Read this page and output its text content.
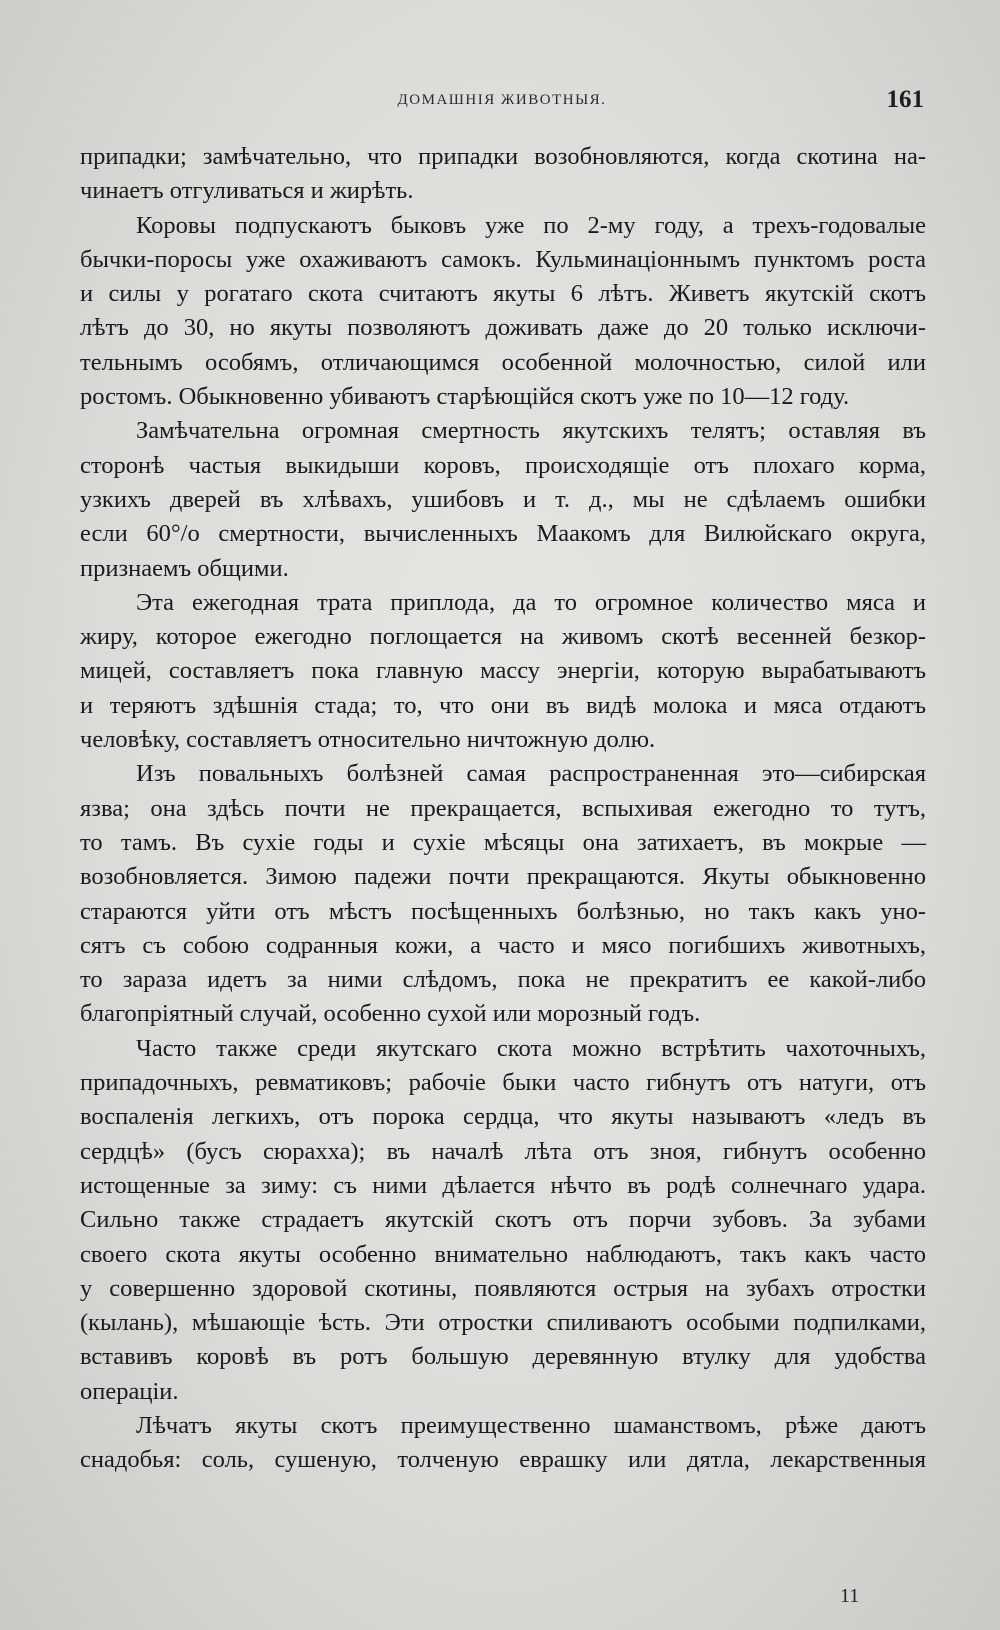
ДОМАШНІЯ ЖИВОТНЫЯ.	161
припадки; замѣчательно, что припадки возобновляются, когда скотина на-
чинаетъ отгуливаться и жирѣть.
Коровы подпускаютъ быковъ уже по 2-му году, а трехъ-годовалые
бычки-поросы уже охаживаютъ самокъ. Кульминаціоннымъ пунктомъ роста
и силы у рогатаго скота считаютъ якуты 6 лѣтъ. Живетъ якутскій скотъ
лѣтъ до 30, но якуты позволяютъ доживать даже до 20 только исключи-
тельнымъ особямъ, отличающимся особенной молочностью, силой или
ростомъ. Обыкновенно убиваютъ старѣющійся скотъ уже по 10—12 году.
Замѣчательна огромная смертность якутскихъ телятъ; оставляя въ
сторонѣ частыя выкидыши коровъ, происходящіе отъ плохаго корма,
узкихъ дверей въ хлѣвахъ, ушибовъ и т. д., мы не сдѣлаемъ ошибки
если 60°/o смертности, вычисленныхъ Маакомъ для Вилюйскаго округа,
признаемъ общими.
Эта ежегодная трата приплода, да то огромное количество мяса и
жиру, которое ежегодно поглощается на живомъ скотѣ весенней безкор-
мицей, составляетъ пока главную массу энергіи, которую вырабатываютъ
и теряютъ здѣшнія стада; то, что они въ видѣ молока и мяса отдаютъ
человѣку, составляетъ относительно ничтожную долю.
Изъ повальныхъ болѣзней самая распространенная это—сибирская
язва; она здѣсь почти не прекращается, вспыхивая ежегодно то тутъ,
то тамъ. Въ сухіе годы и сухіе мѣсяцы она затихаетъ, въ мокрые —
возобновляется. Зимою падежи почти прекращаются. Якуты обыкновенно
стараются уйти отъ мѣстъ посѣщенныхъ болѣзнью, но такъ какъ уно-
сятъ съ собою содранныя кожи, а часто и мясо погибшихъ животныхъ,
то зараза идетъ за ними слѣдомъ, пока не прекратитъ ее какой-либо
благопріятный случай, особенно сухой или морозный годъ.
Часто также среди якутскаго скота можно встрѣтить чахоточныхъ,
припадочныхъ, ревматиковъ; рабочіе быки часто гибнутъ отъ натуги, отъ
воспаленія легкихъ, отъ порока сердца, что якуты называютъ «ледъ въ
сердцѣ» (бусъ сюрахха); въ началѣ лѣта отъ зноя, гибнутъ особенно
истощенные за зиму: съ ними дѣлается нѣчто въ родѣ солнечнаго удара.
Сильно также страдаетъ якутскій скотъ отъ порчи зубовъ. За зубами
своего скота якуты особенно внимательно наблюдаютъ, такъ какъ часто
у совершенно здоровой скотины, появляются острыя на зубахъ отростки
(кылань), мѣшающіе ѣсть. Эти отростки спиливаютъ особыми подпилками,
вставивъ коровѣ въ ротъ большую деревянную втулку для удобства
операціи.
Лѣчатъ якуты скотъ преимущественно шаманствомъ, рѣже даютъ
снадобья: соль, сушеную, толченую еврашку или дятла, лекарственныя
11
